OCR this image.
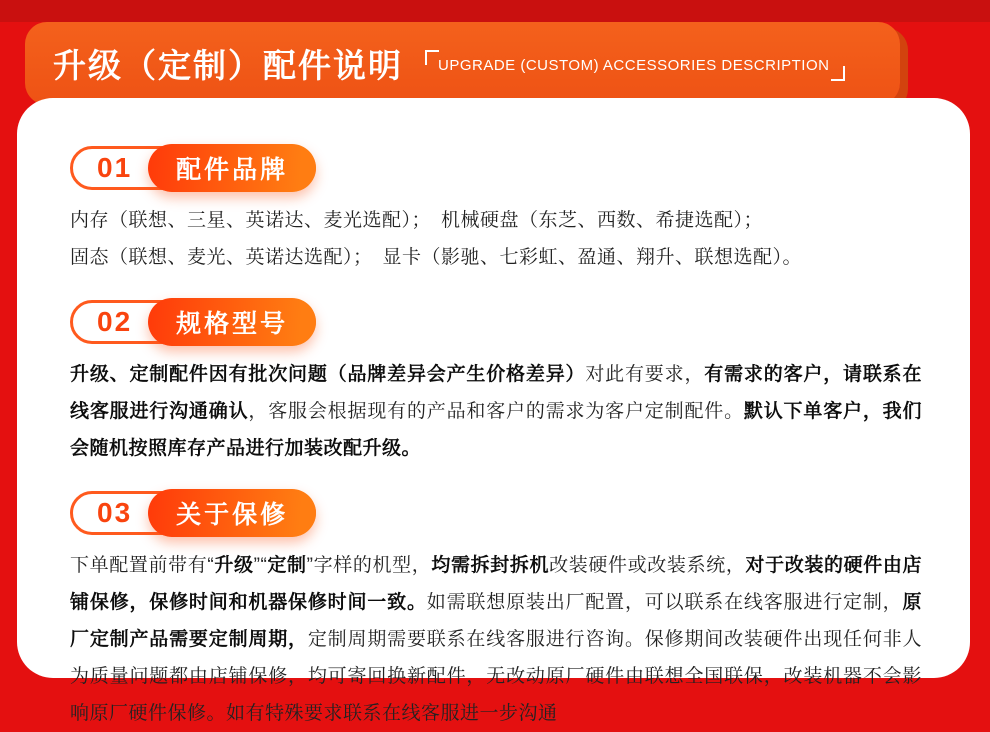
升级（定制）配件说明	UPGRADE (CUSTOM) ACCESSORIES DESCRIPTION
01	配件品牌

内存（联想、三星、英诺达、麦光选配）；　机械硬盘（东芝、西数、希捷选配）；
固态（联想、麦光、英诺达选配）；　显卡（影驰、七彩虹、盈通、翔升、联想选配）。

02	规格型号

升级、定制配件因有批次问题（品牌差异会产生价格差异）对此有要求，有需求的客户，请联系在线客服进行沟通确认，客服会根据现有的产品和客户的需求为客户定制配件。默认下单客户，我们会随机按照库存产品进行加装改配升级。

03	关于保修

下单配置前带有“升级”“定制”字样的机型，均需拆封拆机改装硬件或改装系统，对于改装的硬件由店铺保修，保修时间和机器保修时间一致。如需联想原装出厂配置，可以联系在线客服进行定制，原厂定制产品需要定制周期，定制周期需要联系在线客服进行咨询。保修期间改装硬件出现任何非人为质量问题都由店铺保修，均可寄回换新配件，无改动原厂硬件由联想全国联保，改装机器不会影响原厂硬件保修。如有特殊要求联系在线客服进一步沟通
